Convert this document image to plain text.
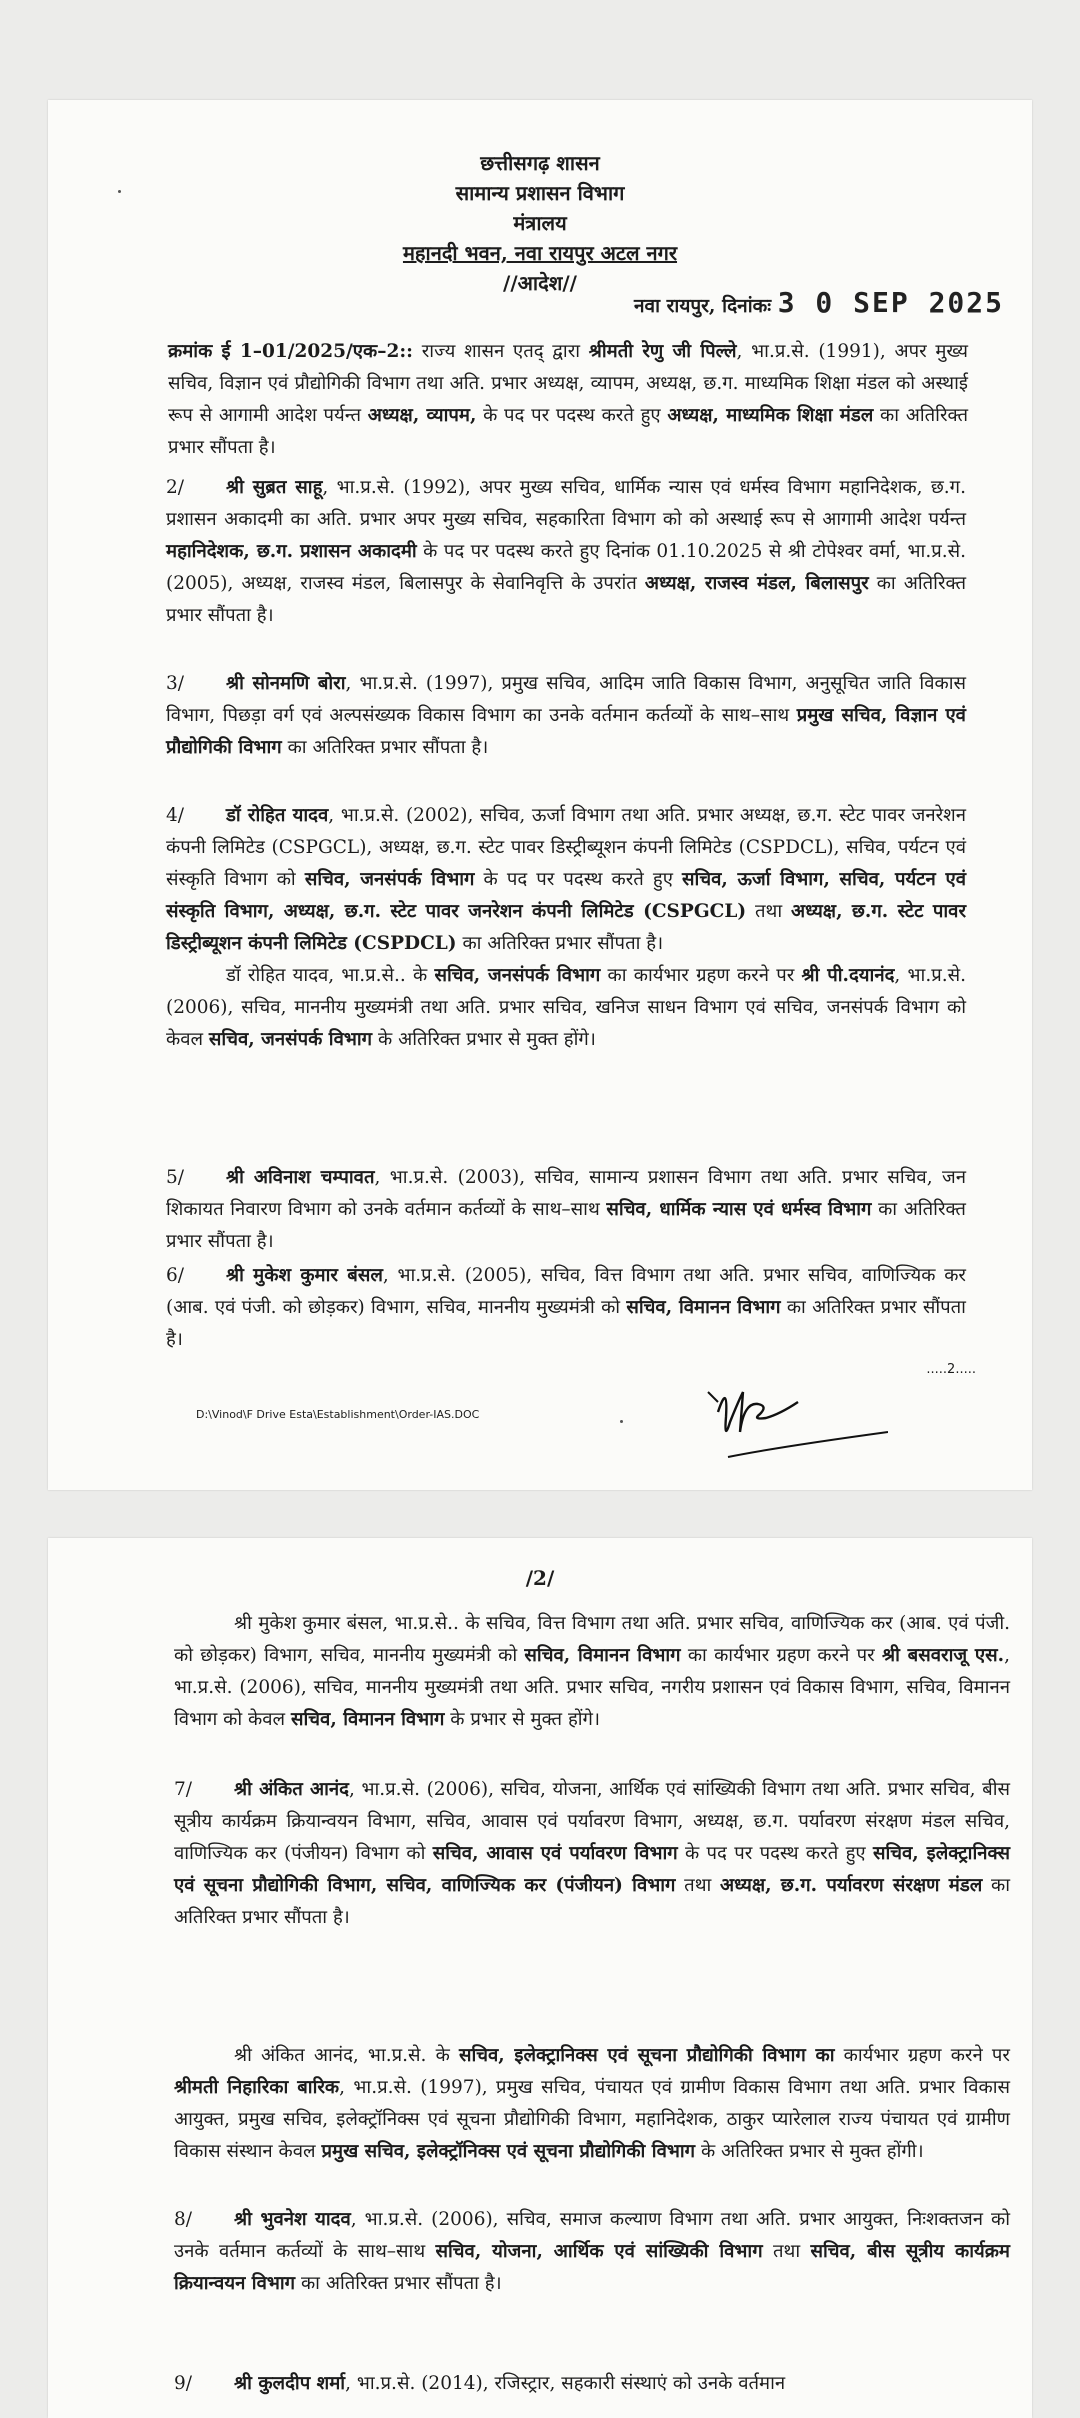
छत्तीसगढ़ शासन
सामान्य प्रशासन विभाग
मंत्रालय
महानदी भवन, नवा रायपुर अटल नगर
//आदेश//
नवा रायपुर, दिनांकः 3 0 SEP 2025
क्रमांक ई 1–01/2025/एक–2:: राज्य शासन एतद् द्वारा श्रीमती रेणु जी पिल्ले, भा.प्र.से. (1991), अपर मुख्य सचिव, विज्ञान एवं प्रौद्योगिकी विभाग तथा अति. प्रभार अध्यक्ष, व्यापम, अध्यक्ष, छ.ग. माध्यमिक शिक्षा मंडल को अस्थाई रूप से आगामी आदेश पर्यन्त अध्यक्ष, व्यापम, के पद पर पदस्थ करते हुए अध्यक्ष, माध्यमिक शिक्षा मंडल का अतिरिक्त प्रभार सौंपता है।
2/ श्री सुब्रत साहू, भा.प्र.से. (1992), अपर मुख्य सचिव, धार्मिक न्यास एवं धर्मस्व विभाग महानिदेशक, छ.ग. प्रशासन अकादमी का अति. प्रभार अपर मुख्य सचिव, सहकारिता विभाग को को अस्थाई रूप से आगामी आदेश पर्यन्त महानिदेशक, छ.ग. प्रशासन अकादमी के पद पर पदस्थ करते हुए दिनांक 01.10.2025 से श्री टोपेश्वर वर्मा, भा.प्र.से. (2005), अध्यक्ष, राजस्व मंडल, बिलासपुर के सेवानिवृत्ति के उपरांत अध्यक्ष, राजस्व मंडल, बिलासपुर का अतिरिक्त प्रभार सौंपता है।
3/ श्री सोनमणि बोरा, भा.प्र.से. (1997), प्रमुख सचिव, आदिम जाति विकास विभाग, अनुसूचित जाति विकास विभाग, पिछड़ा वर्ग एवं अल्पसंख्यक विकास विभाग का उनके वर्तमान कर्तव्यों के साथ–साथ प्रमुख सचिव, विज्ञान एवं प्रौद्योगिकी विभाग का अतिरिक्त प्रभार सौंपता है।
4/ डॉ रोहित यादव, भा.प्र.से. (2002), सचिव, ऊर्जा विभाग तथा अति. प्रभार अध्यक्ष, छ.ग. स्टेट पावर जनरेशन कंपनी लिमिटेड (CSPGCL), अध्यक्ष, छ.ग. स्टेट पावर डिस्ट्रीब्यूशन कंपनी लिमिटेड (CSPDCL), सचिव, पर्यटन एवं संस्कृति विभाग को सचिव, जनसंपर्क विभाग के पद पर पदस्थ करते हुए सचिव, ऊर्जा विभाग, सचिव, पर्यटन एवं संस्कृति विभाग, अध्यक्ष, छ.ग. स्टेट पावर जनरेशन कंपनी लिमिटेड (CSPGCL) तथा अध्यक्ष, छ.ग. स्टेट पावर डिस्ट्रीब्यूशन कंपनी लिमिटेड (CSPDCL) का अतिरिक्त प्रभार सौंपता है।
डॉ रोहित यादव, भा.प्र.से.. के सचिव, जनसंपर्क विभाग का कार्यभार ग्रहण करने पर श्री पी.दयानंद, भा.प्र.से. (2006), सचिव, माननीय मुख्यमंत्री तथा अति. प्रभार सचिव, खनिज साधन विभाग एवं सचिव, जनसंपर्क विभाग को केवल सचिव, जनसंपर्क विभाग के अतिरिक्त प्रभार से मुक्त होंगे।
5/ श्री अविनाश चम्पावत, भा.प्र.से. (2003), सचिव, सामान्य प्रशासन विभाग तथा अति. प्रभार सचिव, जन शिकायत निवारण विभाग को उनके वर्तमान कर्तव्यों के साथ–साथ सचिव, धार्मिक न्यास एवं धर्मस्व विभाग का अतिरिक्त प्रभार सौंपता है।
6/ श्री मुकेश कुमार बंसल, भा.प्र.से. (2005), सचिव, वित्त विभाग तथा अति. प्रभार सचिव, वाणिज्यिक कर (आब. एवं पंजी. को छोड़कर) विभाग, सचिव, माननीय मुख्यमंत्री को सचिव, विमानन विभाग का अतिरिक्त प्रभार सौंपता है।
.....2.....
D:\Vinod\F Drive Esta\Establishment\Order-IAS.DOC
/2/
श्री मुकेश कुमार बंसल, भा.प्र.से.. के सचिव, वित्त विभाग तथा अति. प्रभार सचिव, वाणिज्यिक कर (आब. एवं पंजी. को छोड़कर) विभाग, सचिव, माननीय मुख्यमंत्री को सचिव, विमानन विभाग का कार्यभार ग्रहण करने पर श्री बसवराजू एस., भा.प्र.से. (2006), सचिव, माननीय मुख्यमंत्री तथा अति. प्रभार सचिव, नगरीय प्रशासन एवं विकास विभाग, सचिव, विमानन विभाग को केवल सचिव, विमानन विभाग के प्रभार से मुक्त होंगे।
7/ श्री अंकित आनंद, भा.प्र.से. (2006), सचिव, योजना, आर्थिक एवं सांख्यिकी विभाग तथा अति. प्रभार सचिव, बीस सूत्रीय कार्यक्रम क्रियान्वयन विभाग, सचिव, आवास एवं पर्यावरण विभाग, अध्यक्ष, छ.ग. पर्यावरण संरक्षण मंडल सचिव, वाणिज्यिक कर (पंजीयन) विभाग को सचिव, आवास एवं पर्यावरण विभाग के पद पर पदस्थ करते हुए सचिव, इलेक्ट्रानिक्स एवं सूचना प्रौद्योगिकी विभाग, सचिव, वाणिज्यिक कर (पंजीयन) विभाग तथा अध्यक्ष, छ.ग. पर्यावरण संरक्षण मंडल का अतिरिक्त प्रभार सौंपता है।
श्री अंकित आनंद, भा.प्र.से. के सचिव, इलेक्ट्रानिक्स एवं सूचना प्रौद्योगिकी विभाग का कार्यभार ग्रहण करने पर श्रीमती निहारिका बारिक, भा.प्र.से. (1997), प्रमुख सचिव, पंचायत एवं ग्रामीण विकास विभाग तथा अति. प्रभार विकास आयुक्त, प्रमुख सचिव, इलेक्ट्रॉनिक्स एवं सूचना प्रौद्योगिकी विभाग, महानिदेशक, ठाकुर प्यारेलाल राज्य पंचायत एवं ग्रामीण विकास संस्थान केवल प्रमुख सचिव, इलेक्ट्रॉनिक्स एवं सूचना प्रौद्योगिकी विभाग के अतिरिक्त प्रभार से मुक्त होंगी।
8/ श्री भुवनेश यादव, भा.प्र.से. (2006), सचिव, समाज कल्याण विभाग तथा अति. प्रभार आयुक्त, निःशक्तजन को उनके वर्तमान कर्तव्यों के साथ–साथ सचिव, योजना, आर्थिक एवं सांख्यिकी विभाग तथा सचिव, बीस सूत्रीय कार्यक्रम क्रियान्वयन विभाग का अतिरिक्त प्रभार सौंपता है।
9/ श्री कुलदीप शर्मा, भा.प्र.से. (2014), रजिस्ट्रार, सहकारी संस्थाएं को उनके वर्तमान
